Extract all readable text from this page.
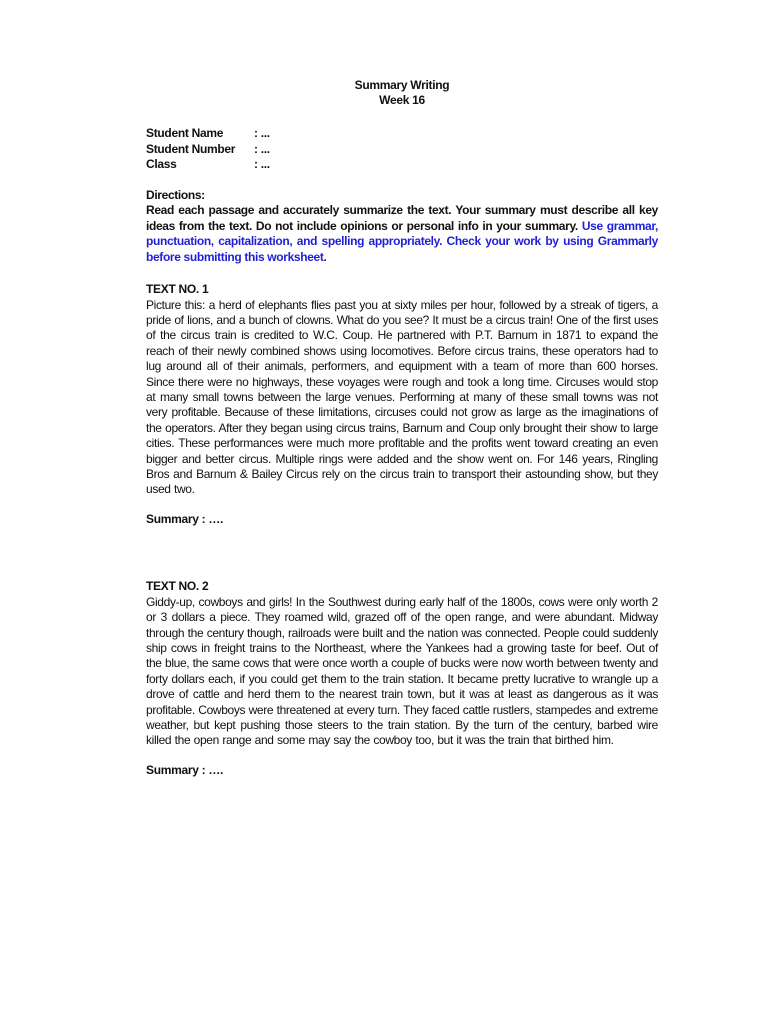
Summary Writing
Week 16
Student Name	: ...
Student Number	: ...
Class	: ...
Directions:
Read each passage and accurately summarize the text. Your summary must describe all key ideas from the text. Do not include opinions or personal info in your summary. Use grammar, punctuation, capitalization, and spelling appropriately. Check your work by using Grammarly before submitting this worksheet.
TEXT NO. 1
Picture this: a herd of elephants flies past you at sixty miles per hour, followed by a streak of tigers, a pride of lions, and a bunch of clowns. What do you see? It must be a circus train! One of the first uses of the circus train is credited to W.C. Coup. He partnered with P.T. Barnum in 1871 to expand the reach of their newly combined shows using locomotives. Before circus trains, these operators had to lug around all of their animals, performers, and equipment with a team of more than 600 horses. Since there were no highways, these voyages were rough and took a long time. Circuses would stop at many small towns between the large venues. Performing at many of these small towns was not very profitable. Because of these limitations, circuses could not grow as large as the imaginations of the operators. After they began using circus trains, Barnum and Coup only brought their show to large cities. These performances were much more profitable and the profits went toward creating an even bigger and better circus. Multiple rings were added and the show went on. For 146 years, Ringling Bros and Barnum & Bailey Circus rely on the circus train to transport their astounding show, but they used two.
Summary : ….
TEXT NO. 2
Giddy-up, cowboys and girls! In the Southwest during early half of the 1800s, cows were only worth 2 or 3 dollars a piece. They roamed wild, grazed off of the open range, and were abundant. Midway through the century though, railroads were built and the nation was connected. People could suddenly ship cows in freight trains to the Northeast, where the Yankees had a growing taste for beef. Out of the blue, the same cows that were once worth a couple of bucks were now worth between twenty and forty dollars each, if you could get them to the train station. It became pretty lucrative to wrangle up a drove of cattle and herd them to the nearest train town, but it was at least as dangerous as it was profitable. Cowboys were threatened at every turn. They faced cattle rustlers, stampedes and extreme weather, but kept pushing those steers to the train station. By the turn of the century, barbed wire killed the open range and some may say the cowboy too, but it was the train that birthed him.
Summary : ….
